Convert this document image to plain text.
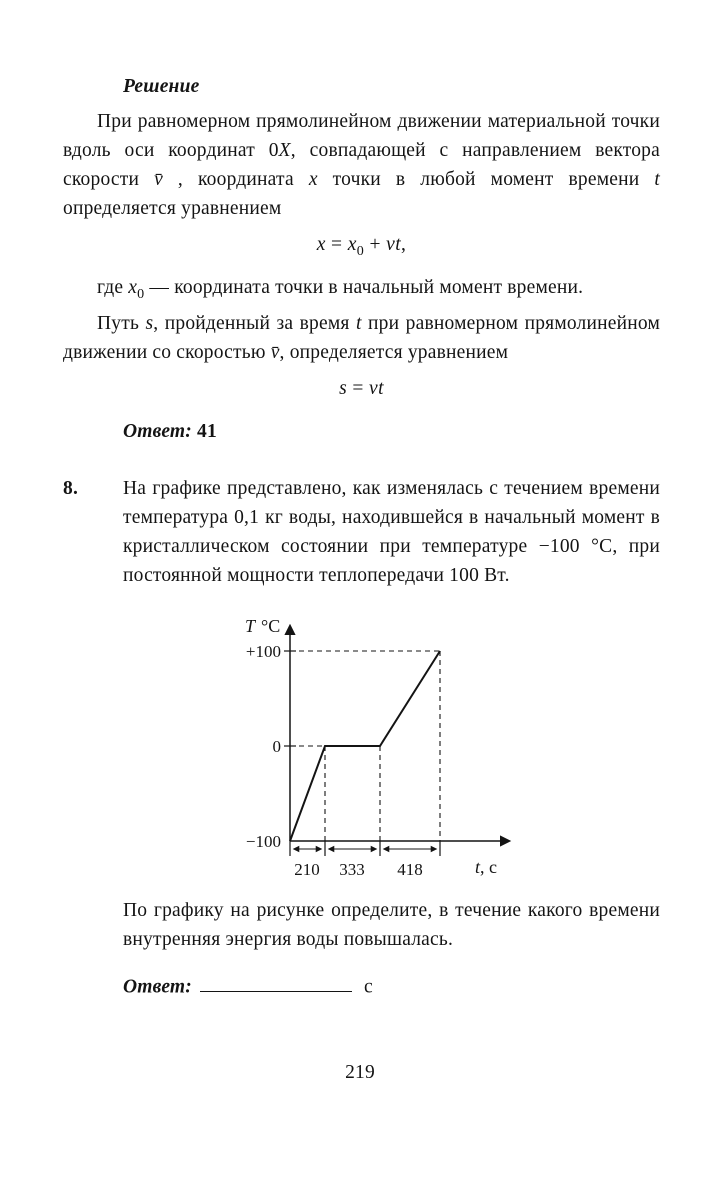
Решение

При равномерном прямолинейном движении материальной точки вдоль оси координат 0X, совпадающей с направлением вектора скорости v̄ , координата x точки в любой момент времени t определяется уравнением

$x = x_0$ + vt,

где $x_0$ — координата точки в начальный момент времени.

Путь s, пройденный за время t при равномерном прямолинейном движении со скоростью v̄, определяется уравнением

s = vt

Ответ: 41

8.	На графике представлено, как изменялась с течением времени температура 0,1 кг воды, находившейся в начальный момент в кристаллическом состоянии при температуре −100 °C, при постоянной мощности теплопередачи 100 Вт.

T °C
t, с
+100
0
−100
210 333 418

По графику на рисунке определите, в течение какого времени внутренняя энергия воды повышалась.

Ответ:	с

219
